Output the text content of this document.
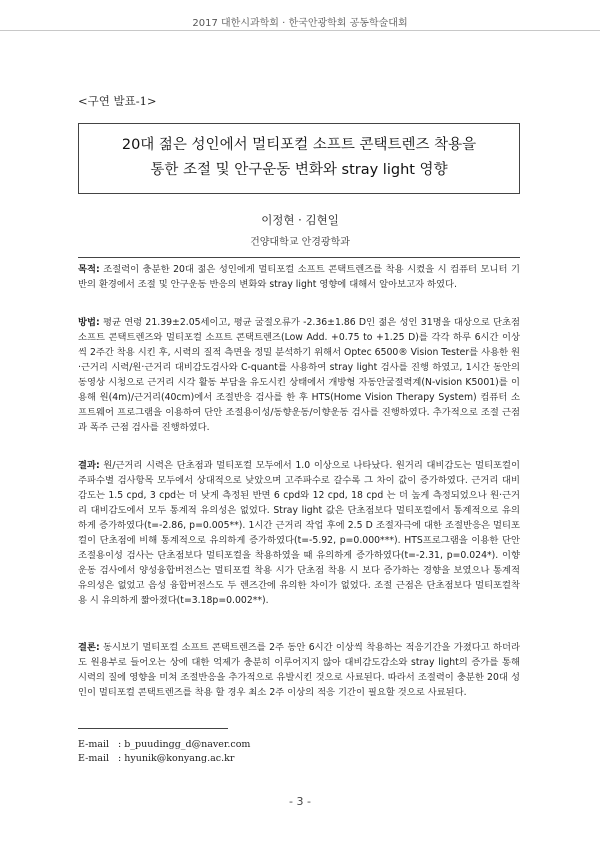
2017 대한시과학회 · 한국안광학회 공동학술대회
<구연 발표-1>
20대 젊은 성인에서 멀티포컬 소프트 콘택트렌즈 착용을
통한 조절 및 안구운동 변화와 stray light 영향
이정현 · 김현일
건양대학교 안경광학과
목적: 조절력이 충분한 20대 젊은 성인에게 멀티포컬 소프트 콘택트렌즈를 착용 시켰을 시 컴퓨터 모니터 기반의 환경에서 조절 및 안구운동 반응의 변화와 stray light 영향에 대해서 알아보고자 하였다.
방법: 평균 연령 21.39±2.05세이고, 평균 굴절오류가 -2.36±1.86 D인 젊은 성인 31명을 대상으로 단초점 소프트 콘택트렌즈와 멀티포컬 소프트 콘택트렌즈(Low Add. +0.75 to +1.25 D)를 각각 하루 6시간 이상씩 2주간 착용 시킨 후, 시력의 질적 측면을 정밀 분석하기 위해서 Optec 6500® Vision Tester를 사용한 원·근거리 시력/원·근거리 대비감도검사와 C-quant를 사용하여 stray light 검사를 진행 하였고, 1시간 동안의 동영상 시청으로 근거리 시각 활동 부담을 유도시킨 상태에서 개방형 자동안굴절력계(N-vision K5001)를 이용해 원(4m)/근거리(40cm)에서 조절반응 검사를 한 후 HTS(Home Vision Therapy System) 컴퓨터 소프트웨어 프로그램을 이용하여 단안 조절용이성/동향운동/이향운동 검사를 진행하였다. 추가적으로 조절 근점과 폭주 근점 검사를 진행하였다.
결과: 원/근거리 시력은 단초점과 멀티포컬 모두에서 1.0 이상으로 나타났다. 원거리 대비감도는 멀티포컬이 주파수별 검사항목 모두에서 상대적으로 낮았으며 고주파수로 갈수록 그 차이 값이 증가하였다. 근거리 대비감도는 1.5 cpd, 3 cpd는 더 낮게 측정된 반면 6 cpd와 12 cpd, 18 cpd 는 더 높게 측정되었으나 원·근거리 대비감도에서 모두 통계적 유의성은 없었다. Stray light 값은 단초점보다 멀티포컬에서 통계적으로 유의하게 증가하였다(t=-2.86, p=0.005**). 1시간 근거리 작업 후에 2.5 D 조절자극에 대한 조절반응은 멀티포컬이 단초점에 비해 통계적으로 유의하게 증가하였다(t=-5.92, p=0.000***). HTS프로그램을 이용한 단안조절용이성 검사는 단초점보다 멀티포컬을 착용하였을 때 유의하게 증가하였다(t=-2.31, p=0.024*). 이향운동 검사에서 양성융합버전스는 멀티포컬 착용 시가 단초점 착용 시 보다 증가하는 경향을 보였으나 통계적 유의성은 없었고 음성 융합버전스도 두 렌즈간에 유의한 차이가 없었다. 조절 근점은 단초점보다 멀티포컬착용 시 유의하게 짧아졌다(t=3.18p=0.002**).
결론: 동시보기 멀티포컬 소프트 콘택트렌즈를 2주 동안 6시간 이상씩 착용하는 적응기간을 가졌다고 하더라도 원용부로 들어오는 상에 대한 억제가 충분히 이루어지지 않아 대비감도감소와 stray light의 증가를 통해 시력의 질에 영향을 미쳐 조절반응을 추가적으로 유발시킨 것으로 사료된다. 따라서 조절력이 충분한 20대 성인이 멀티포컬 콘택트렌즈를 착용 할 경우 최소 2주 이상의 적응 기간이 필요할 것으로 사료된다.
E-mail : b_puudingg_d@naver.com
E-mail : hyunik@konyang.ac.kr
- 3 -
